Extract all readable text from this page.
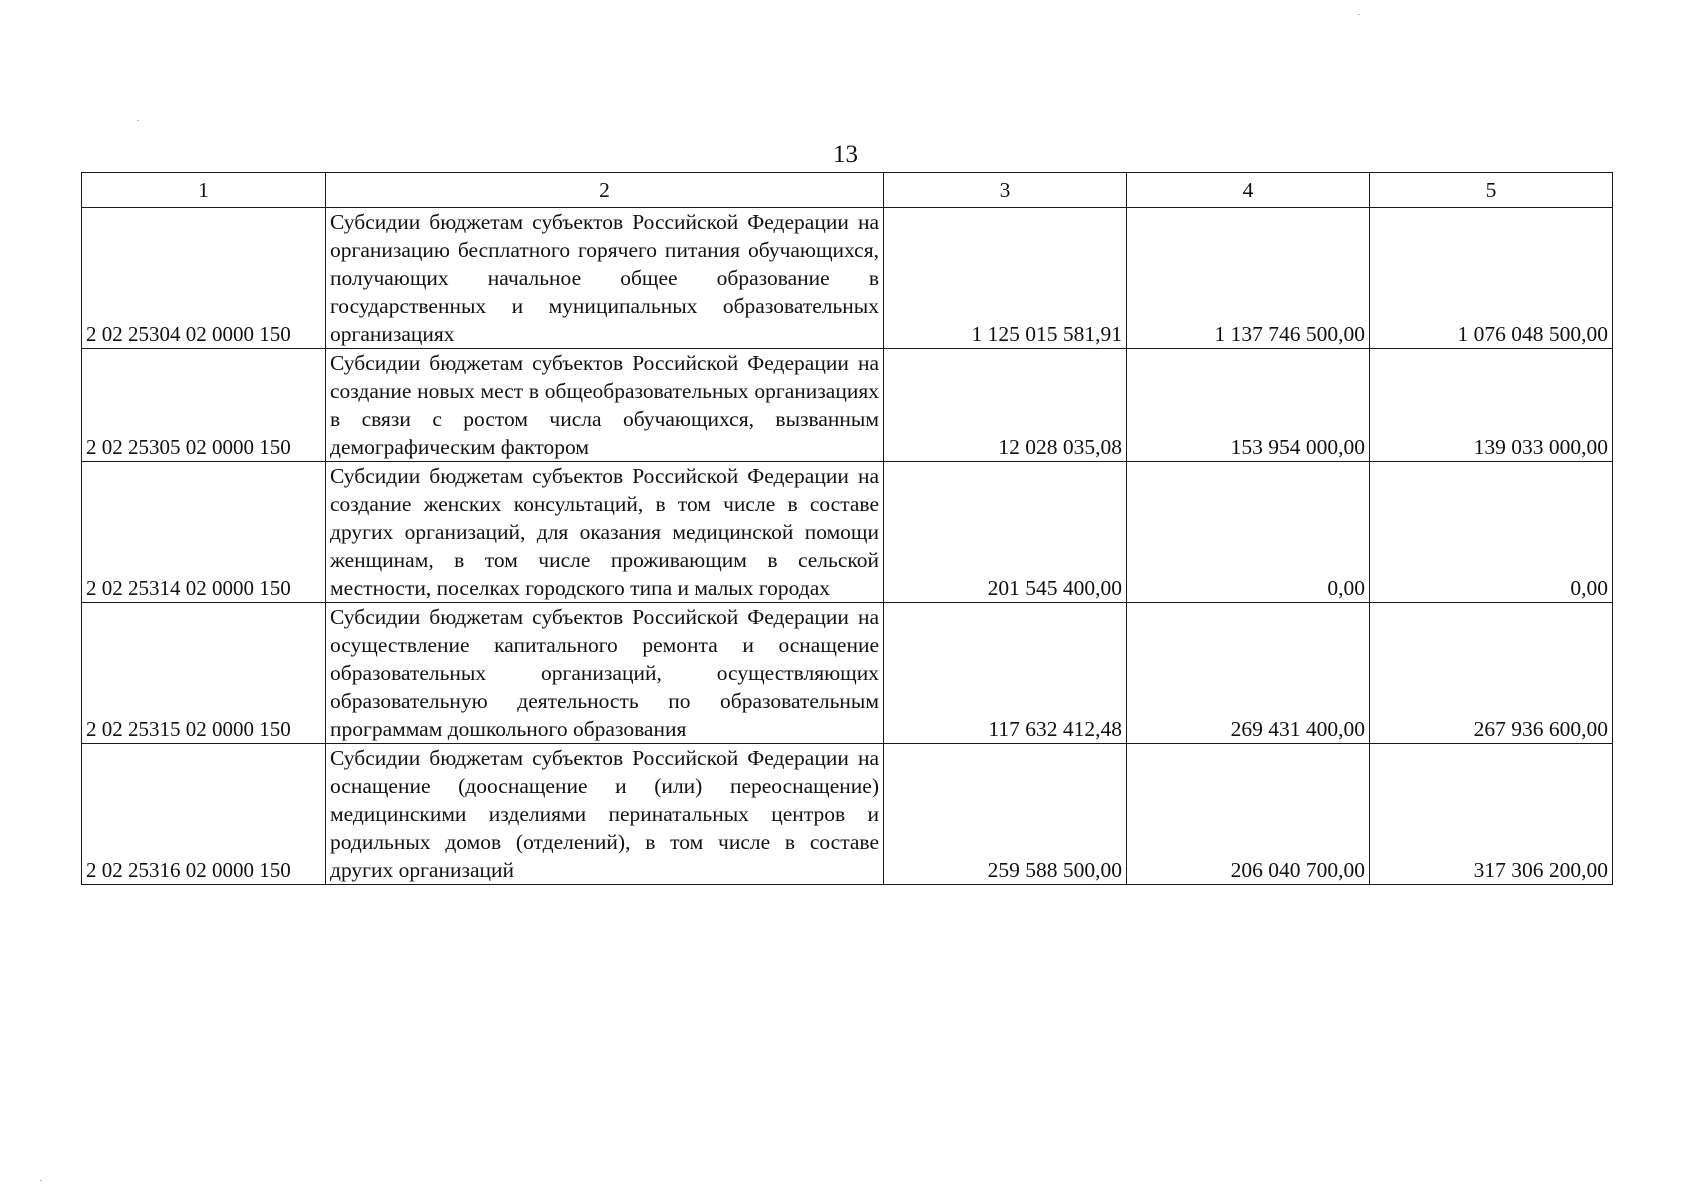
13
1	2	3	4	5
2 02 25304 02 0000 150	Субсидии бюджетам субъектов Российской Федерации на организацию бесплатного горячего питания обучающихся, получающих начальное общее образование в государственных и муниципальных образовательных организациях	1 125 015 581,91	1 137 746 500,00	1 076 048 500,00
2 02 25305 02 0000 150	Субсидии бюджетам субъектов Российской Федерации на создание новых мест в общеобразовательных организациях в связи с ростом числа обучающихся, вызванным демографическим фактором	12 028 035,08	153 954 000,00	139 033 000,00
2 02 25314 02 0000 150	Субсидии бюджетам субъектов Российской Федерации на создание женских консультаций, в том числе в составе других организаций, для оказания медицинской помощи женщинам, в том числе проживающим в сельской местности, поселках городского типа и малых городах	201 545 400,00	0,00	0,00
2 02 25315 02 0000 150	Субсидии бюджетам субъектов Российской Федерации на осуществление капитального ремонта и оснащение образовательных организаций, осуществляющих образовательную деятельность по образовательным программам дошкольного образования	117 632 412,48	269 431 400,00	267 936 600,00
2 02 25316 02 0000 150	Субсидии бюджетам субъектов Российской Федерации на оснащение (дооснащение и (или) переоснащение) медицинскими изделиями перинатальных центров и родильных домов (отделений), в том числе в составе других организаций	259 588 500,00	206 040 700,00	317 306 200,00
